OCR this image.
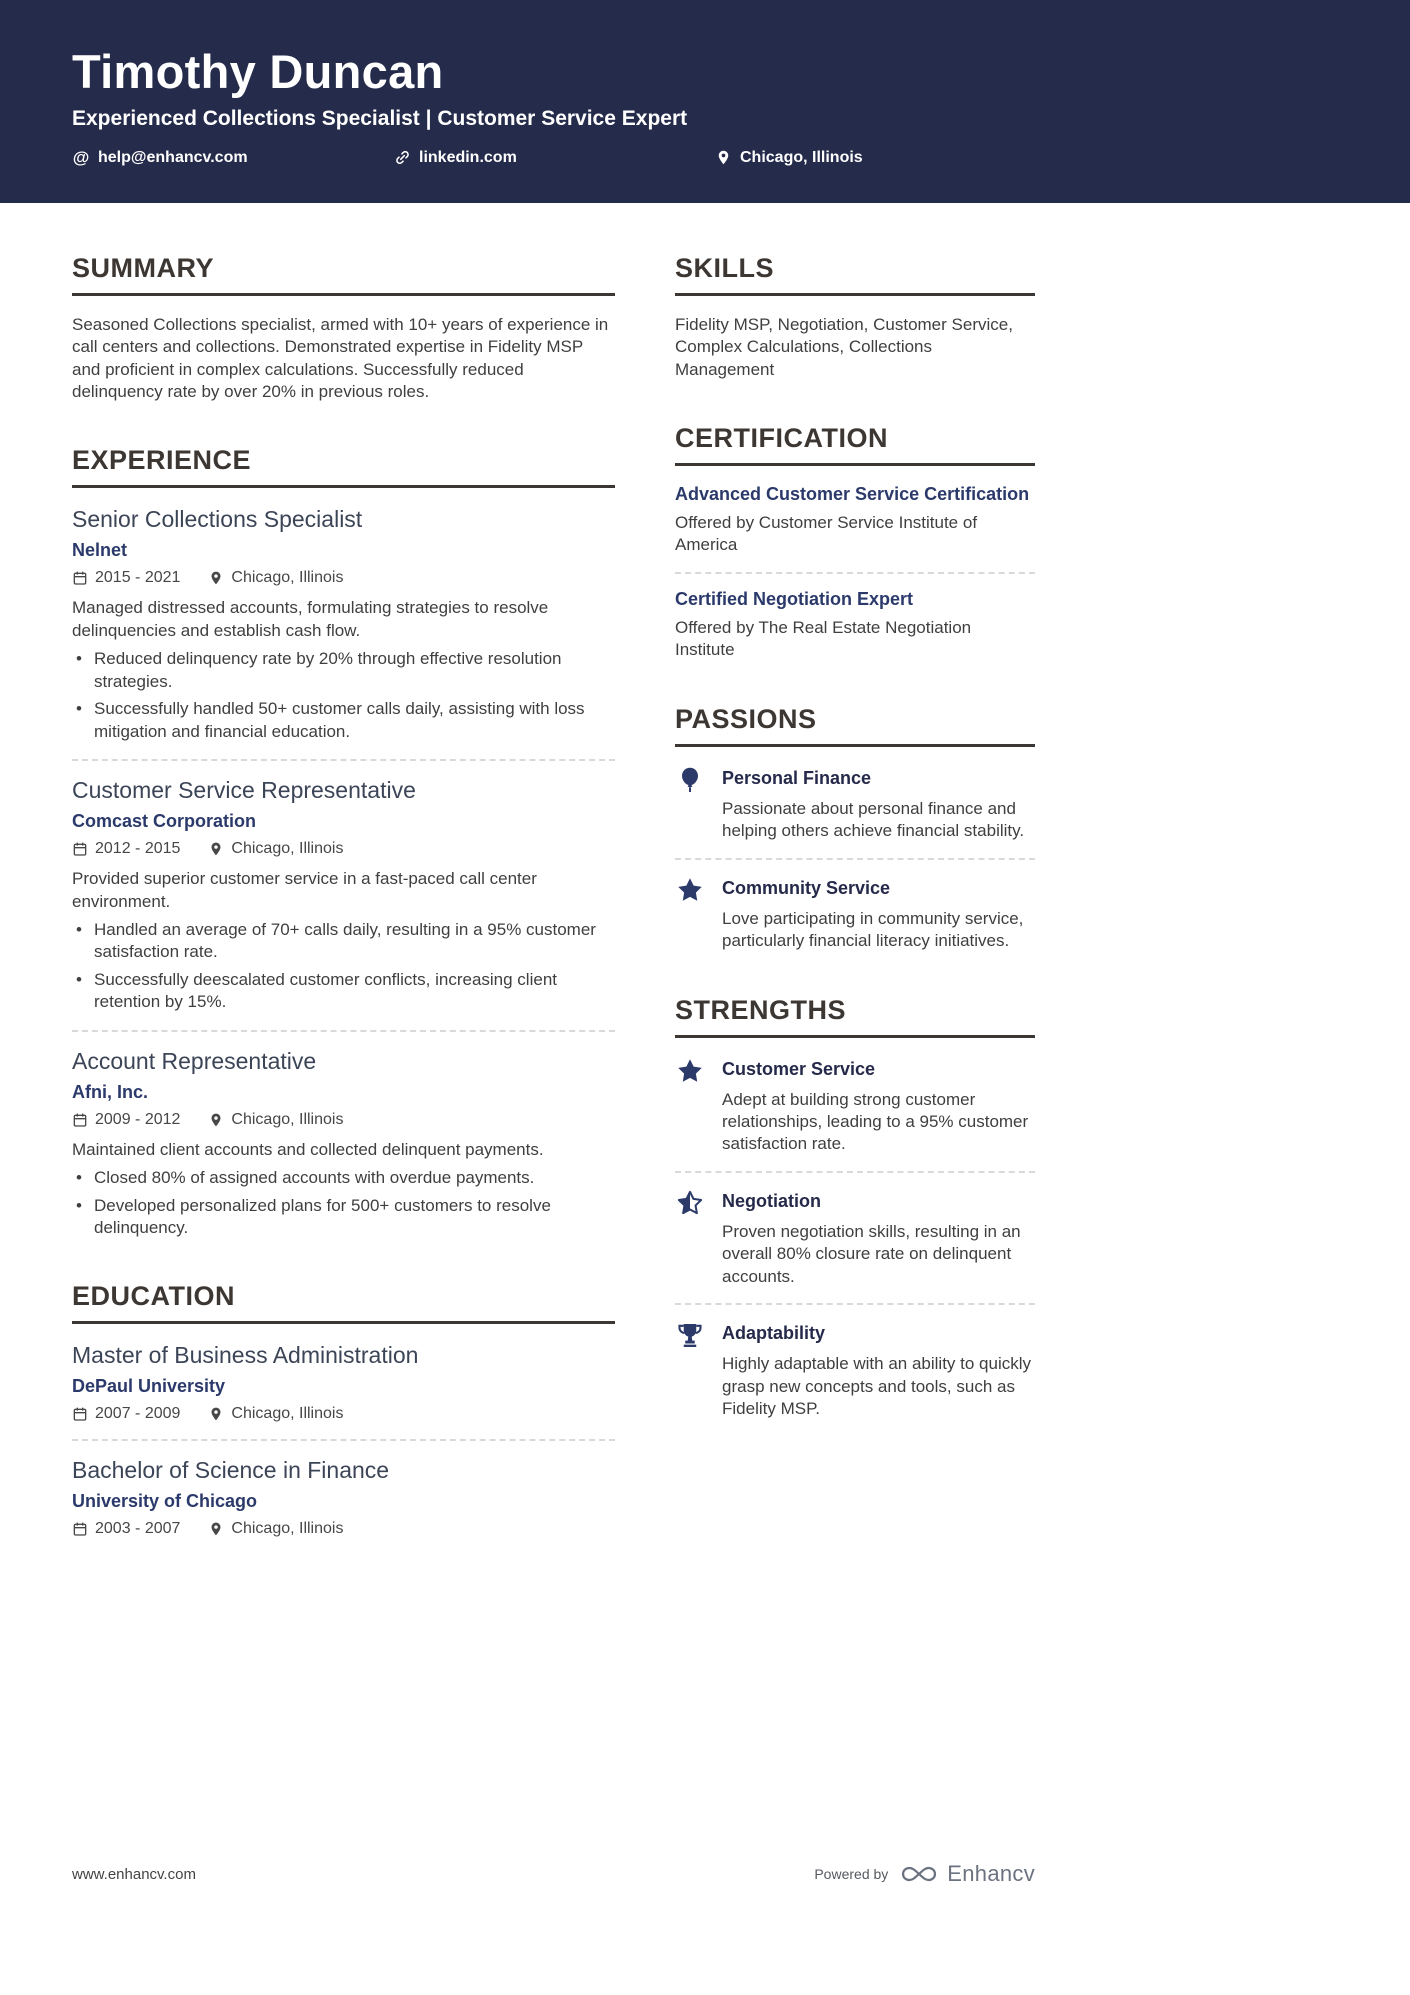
Timothy Duncan
Experienced Collections Specialist | Customer Service Expert
@ help@enhancv.com	linkedin.com	Chicago, Illinois
SUMMARY

Seasoned Collections specialist, armed with 10+ years of experience in call centers and collections. Demonstrated expertise in Fidelity MSP and proficient in complex calculations. Successfully reduced delinquency rate by over 20% in previous roles.

EXPERIENCE
Senior Collections Specialist
Nelnet
2015 - 2021	Chicago, Illinois

Managed distressed accounts, formulating strategies to resolve delinquencies and establish cash flow.

• Reduced delinquency rate by 20% through effective resolution strategies.
• Successfully handled 50+ customer calls daily, assisting with loss mitigation and financial education.
Customer Service Representative
Comcast Corporation
2012 - 2015	Chicago, Illinois

Provided superior customer service in a fast-paced call center environment.

• Handled an average of 70+ calls daily, resulting in a 95% customer satisfaction rate.
• Successfully deescalated customer conflicts, increasing client retention by 15%.
Account Representative
Afni, Inc.
2009 - 2012	Chicago, Illinois

Maintained client accounts and collected delinquent payments.

• Closed 80% of assigned accounts with overdue payments.
• Developed personalized plans for 500+ customers to resolve delinquency.
EDUCATION
Master of Business Administration
DePaul University
2007 - 2009	Chicago, Illinois
Bachelor of Science in Finance
University of Chicago
2003 - 2007	Chicago, Illinois
SKILLS

Fidelity MSP, Negotiation, Customer Service, Complex Calculations, Collections Management

CERTIFICATION
Advanced Customer Service Certification
Offered by Customer Service Institute of America
Certified Negotiation Expert
Offered by The Real Estate Negotiation Institute
PASSIONS
Personal Finance
Passionate about personal finance and helping others achieve financial stability.
Community Service
Love participating in community service, particularly financial literacy initiatives.
STRENGTHS
Customer Service
Adept at building strong customer relationships, leading to a 95% customer satisfaction rate.
Negotiation
Proven negotiation skills, resulting in an overall 80% closure rate on delinquent accounts.
Adaptability
Highly adaptable with an ability to quickly grasp new concepts and tools, such as Fidelity MSP.
www.enhancv.com	Powered by	Enhancv
